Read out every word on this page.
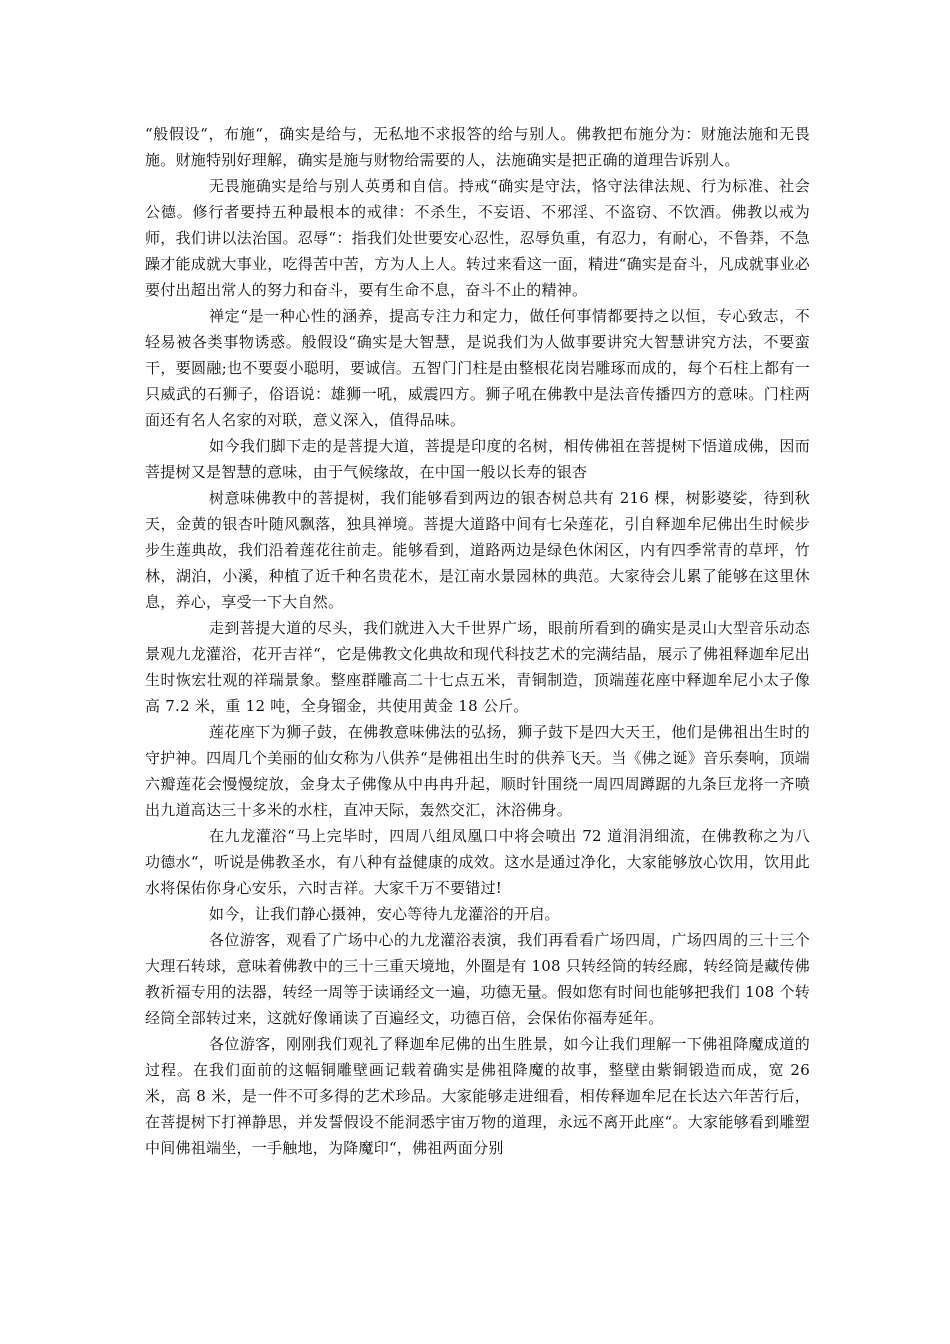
“般假设“，布施“，确实是给与，无私地不求报答的给与别人。佛教把布施分为：财施法施和无畏施。财施特别好理解，确实是施与财物给需要的人，法施确实是把正确的道理告诉别人。

无畏施确实是给与别人英勇和自信。持戒“确实是守法，恪守法律法规、行为标准、社会公德。修行者要持五种最根本的戒律：不杀生，不妄语、不邪淫、不盗窃、不饮酒。佛教以戒为师，我们讲以法治国。忍辱“：指我们处世要安心忍性，忍辱负重，有忍力，有耐心，不鲁莽，不急躁才能成就大事业，吃得苦中苦，方为人上人。转过来看这一面，精进“确实是奋斗，凡成就事业必要付出超出常人的努力和奋斗，要有生命不息，奋斗不止的精神。

禅定“是一种心性的涵养，提高专注力和定力，做任何事情都要持之以恒，专心致志，不轻易被各类事物诱惑。般假设“确实是大智慧，是说我们为人做事要讲究大智慧讲究方法，不要蛮干，要圆融;也不要耍小聪明，要诚信。五智门门柱是由整根花岗岩雕琢而成的，每个石柱上都有一只威武的石狮子，俗语说：雄狮一吼，威震四方。狮子吼在佛教中是法音传播四方的意味。门柱两面还有名人名家的对联，意义深入，值得品味。

如今我们脚下走的是菩提大道，菩提是印度的名树，相传佛祖在菩提树下悟道成佛，因而菩提树又是智慧的意味，由于气候缘故，在中国一般以长寿的银杏

树意味佛教中的菩提树，我们能够看到两边的银杏树总共有 216 棵，树影婆娑，待到秋天，金黄的银杏叶随风飘落，独具禅境。菩提大道路中间有七朵莲花，引自释迦牟尼佛出生时候步步生莲典故，我们沿着莲花往前走。能够看到，道路两边是绿色休闲区，内有四季常青的草坪，竹林，湖泊，小溪，种植了近千种名贵花木，是江南水景园林的典范。大家待会儿累了能够在这里休息，养心，享受一下大自然。

走到菩提大道的尽头，我们就进入大千世界广场，眼前所看到的确实是灵山大型音乐动态景观九龙灌浴，花开吉祥“，它是佛教文化典故和现代科技艺术的完满结晶，展示了佛祖释迦牟尼出生时恢宏壮观的祥瑞景象。整座群雕高二十七点五米，青铜制造，顶端莲花座中释迦牟尼小太子像高 7.2 米，重 12 吨，全身镏金，共使用黄金 18 公斤。

莲花座下为狮子鼓，在佛教意味佛法的弘扬，狮子鼓下是四大天王，他们是佛祖出生时的守护神。四周几个美丽的仙女称为八供养“是佛祖出生时的供养飞天。当《佛之诞》音乐奏响，顶端六瓣莲花会慢慢绽放，金身太子佛像从中冉冉升起，顺时针围绕一周四周蹲踞的九条巨龙将一齐喷出九道高达三十多米的水柱，直冲天际，轰然交汇，沐浴佛身。

在九龙灌浴“马上完毕时，四周八组凤凰口中将会喷出 72 道涓涓细流，在佛教称之为八功德水“，听说是佛教圣水，有八种有益健康的成效。这水是通过净化，大家能够放心饮用，饮用此水将保佑你身心安乐，六时吉祥。大家千万不要错过!

如今，让我们静心摄神，安心等待九龙灌浴的开启。

各位游客，观看了广场中心的九龙灌浴表演，我们再看看广场四周，广场四周的三十三个大理石转球，意味着佛教中的三十三重天境地，外圈是有 108 只转经筒的转经廊，转经筒是藏传佛教祈福专用的法器，转经一周等于读诵经文一遍，功德无量。假如您有时间也能够把我们 108 个转经筒全部转过来，这就好像诵读了百遍经文，功德百倍，会保佑你福寿延年。

各位游客，刚刚我们观礼了释迦牟尼佛的出生胜景，如今让我们理解一下佛祖降魔成道的过程。在我们面前的这幅铜雕壁画记载着确实是佛祖降魔的故事，整壁由紫铜锻造而成，宽 26 米，高 8 米，是一件不可多得的艺术珍品。大家能够走进细看，相传释迦牟尼在长达六年苦行后，在菩提树下打禅静思，并发誓假设不能洞悉宇宙万物的道理，永远不离开此座“。大家能够看到雕塑中间佛祖端坐，一手触地，为降魔印“，佛祖两面分别
